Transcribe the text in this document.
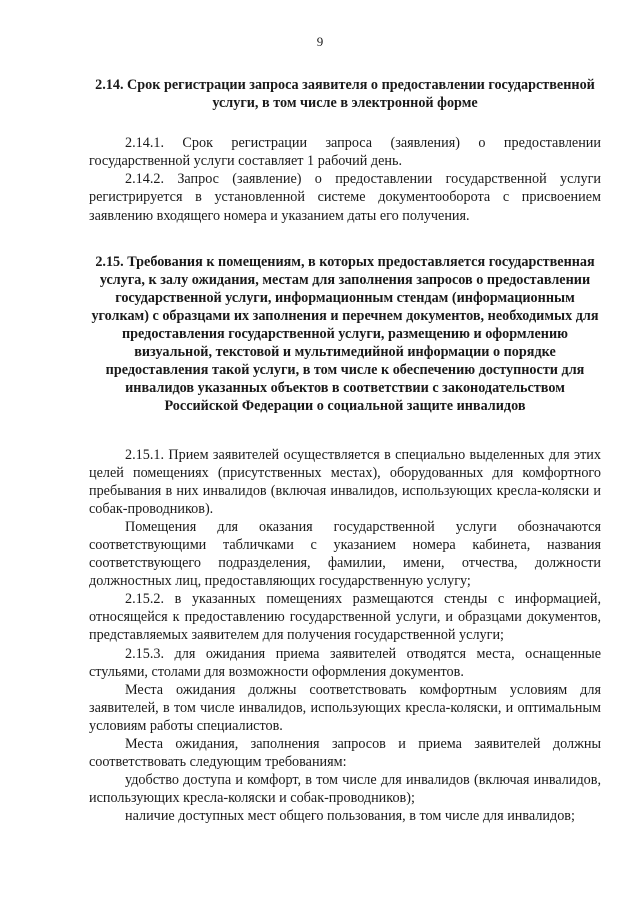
9

2.14. Срок регистрации запроса заявителя о предоставлении государственной услуги, в том числе в электронной форме

2.14.1. Срок регистрации запроса (заявления) о предоставлении государственной услуги составляет 1 рабочий день.

2.14.2. Запрос (заявление) о предоставлении государственной услуги регистрируется в установленной системе документооборота с присвоением заявлению входящего номера и указанием даты его получения.

2.15. Требования к помещениям, в которых предоставляется государственная услуга, к залу ожидания, местам для заполнения запросов о предоставлении государственной услуги, информационным стендам (информационным уголкам) с образцами их заполнения и перечнем документов, необходимых для предоставления государственной услуги, размещению и оформлению визуальной, текстовой и мультимедийной информации о порядке предоставления такой услуги, в том числе к обеспечению доступности для инвалидов указанных объектов в соответствии с законодательством Российской Федерации о социальной защите инвалидов

2.15.1. Прием заявителей осуществляется в специально выделенных для этих целей помещениях (присутственных местах), оборудованных для комфортного пребывания в них инвалидов (включая инвалидов, использующих кресла-коляски и собак-проводников).

Помещения для оказания государственной услуги обозначаются соответствующими табличками с указанием номера кабинета, названия соответствующего подразделения, фамилии, имени, отчества, должности должностных лиц, предоставляющих государственную услугу;

2.15.2. в указанных помещениях размещаются стенды с информацией, относящейся к предоставлению государственной услуги, и образцами документов, представляемых заявителем для получения государственной услуги;

2.15.3. для ожидания приема заявителей отводятся места, оснащенные стульями, столами для возможности оформления документов.

Места ожидания должны соответствовать комфортным условиям для заявителей, в том числе инвалидов, использующих кресла-коляски, и оптимальным условиям работы специалистов.

Места ожидания, заполнения запросов и приема заявителей должны соответствовать следующим требованиям:

удобство доступа и комфорт, в том числе для инвалидов (включая инвалидов, использующих кресла-коляски и собак-проводников);

наличие доступных мест общего пользования, в том числе для инвалидов;
